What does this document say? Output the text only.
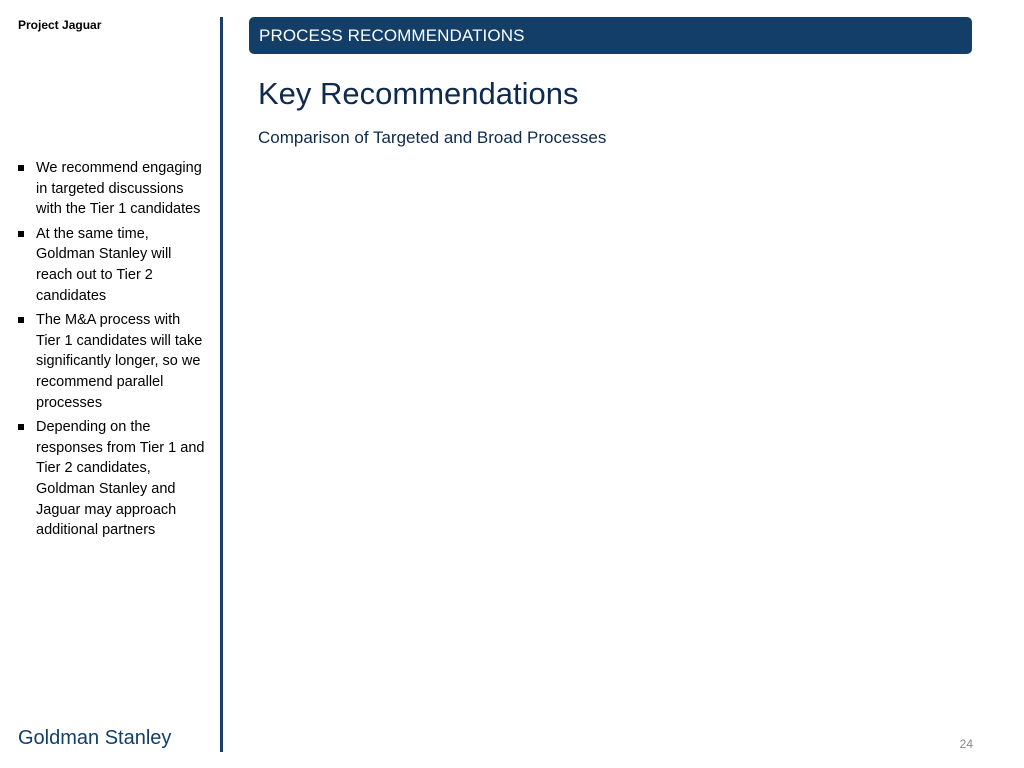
Project Jaguar
PROCESS RECOMMENDATIONS
Key Recommendations

Comparison of Targeted and Broad Processes

We recommend engaging in targeted discussions with the Tier 1 candidates
At the same time, Goldman Stanley will reach out to Tier 2 candidates
The M&A process with Tier 1 candidates will take significantly longer, so we recommend parallel processes
Depending on the responses from Tier 1 and Tier 2 candidates, Goldman Stanley and Jaguar may approach additional partners
Goldman Stanley	24
